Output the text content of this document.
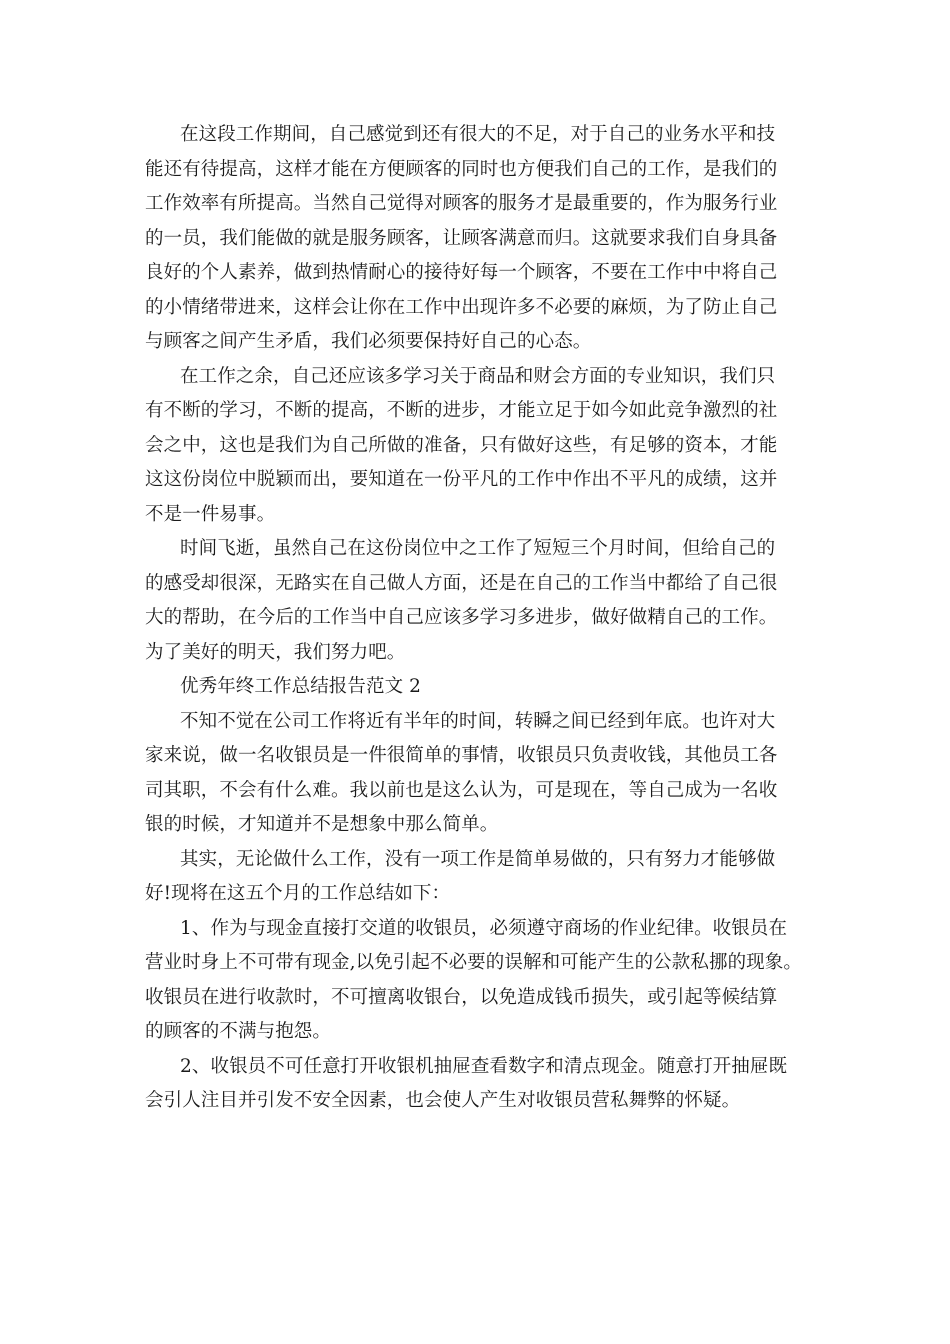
在这段工作期间，自己感觉到还有很大的不足，对于自己的业务水平和技
能还有待提高，这样才能在方便顾客的同时也方便我们自己的工作，是我们的
工作效率有所提高。当然自己觉得对顾客的服务才是最重要的，作为服务行业
的一员，我们能做的就是服务顾客，让顾客满意而归。这就要求我们自身具备
良好的个人素养，做到热情耐心的接待好每一个顾客，不要在工作中中将自己
的小情绪带进来，这样会让你在工作中出现许多不必要的麻烦，为了防止自己
与顾客之间产生矛盾，我们必须要保持好自己的心态。
在工作之余，自己还应该多学习关于商品和财会方面的专业知识，我们只
有不断的学习，不断的提高，不断的进步，才能立足于如今如此竞争激烈的社
会之中，这也是我们为自己所做的准备，只有做好这些，有足够的资本，才能
这这份岗位中脱颖而出，要知道在一份平凡的工作中作出不平凡的成绩，这并
不是一件易事。
时间飞逝，虽然自己在这份岗位中之工作了短短三个月时间，但给自己的
的感受却很深，无路实在自己做人方面，还是在自己的工作当中都给了自己很
大的帮助，在今后的工作当中自己应该多学习多进步，做好做精自己的工作。
为了美好的明天，我们努力吧。
优秀年终工作总结报告范文 2
不知不觉在公司工作将近有半年的时间，转瞬之间已经到年底。也许对大
家来说，做一名收银员是一件很简单的事情，收银员只负责收钱，其他员工各
司其职，不会有什么难。我以前也是这么认为，可是现在，等自己成为一名收
银的时候，才知道并不是想象中那么简单。
其实，无论做什么工作，没有一项工作是简单易做的，只有努力才能够做
好!现将在这五个月的工作总结如下：
1、作为与现金直接打交道的收银员，必须遵守商场的作业纪律。收银员在
营业时身上不可带有现金,以免引起不必要的误解和可能产生的公款私挪的现象。
收银员在进行收款时，不可擅离收银台，以免造成钱币损失，或引起等候结算
的顾客的不满与抱怨。
2、收银员不可任意打开收银机抽屉查看数字和清点现金。随意打开抽屉既
会引人注目并引发不安全因素，也会使人产生对收银员营私舞弊的怀疑。
